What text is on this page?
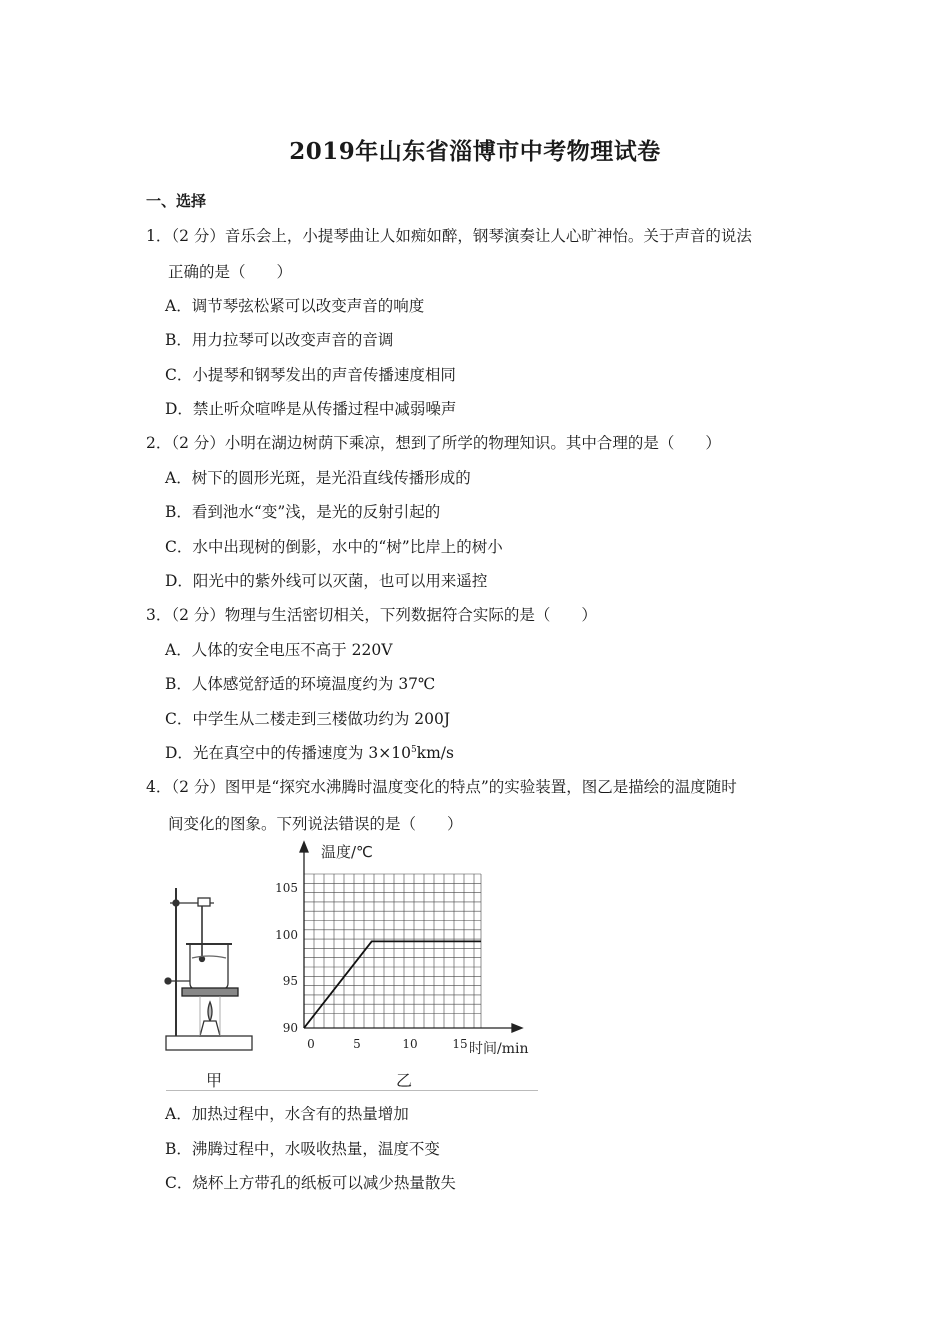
2019年山东省淄博市中考物理试卷
一、选择
1．（2 分）音乐会上，小提琴曲让人如痴如醉，钢琴演奏让人心旷神怡。关于声音的说法
正确的是（　　）
A．调节琴弦松紧可以改变声音的响度
B．用力拉琴可以改变声音的音调
C．小提琴和钢琴发出的声音传播速度相同
D．禁止听众喧哗是从传播过程中减弱噪声
2．（2 分）小明在湖边树荫下乘凉，想到了所学的物理知识。其中合理的是（　　）
A．树下的圆形光斑，是光沿直线传播形成的
B．看到池水“变”浅，是光的反射引起的
C．水中出现树的倒影，水中的“树”比岸上的树小
D．阳光中的紫外线可以灭菌，也可以用来遥控
3．（2 分）物理与生活密切相关，下列数据符合实际的是（　　）
A．人体的安全电压不高于 220V
B．人体感觉舒适的环境温度约为 37℃
C．中学生从二楼走到三楼做功约为 200J
D．光在真空中的传播速度为 $3\times 10^5km/s$
4．（2 分）图甲是“探究水沸腾时温度变化的特点”的实验装置，图乙是描绘的温度随时
间变化的图象。下列说法错误的是（　　）
90
95
100
105
0	5	10	15
温度/℃
时间/min
甲	乙
A．加热过程中，水含有的热量增加
B．沸腾过程中，水吸收热量，温度不变
C．烧杯上方带孔的纸板可以减少热量散失
